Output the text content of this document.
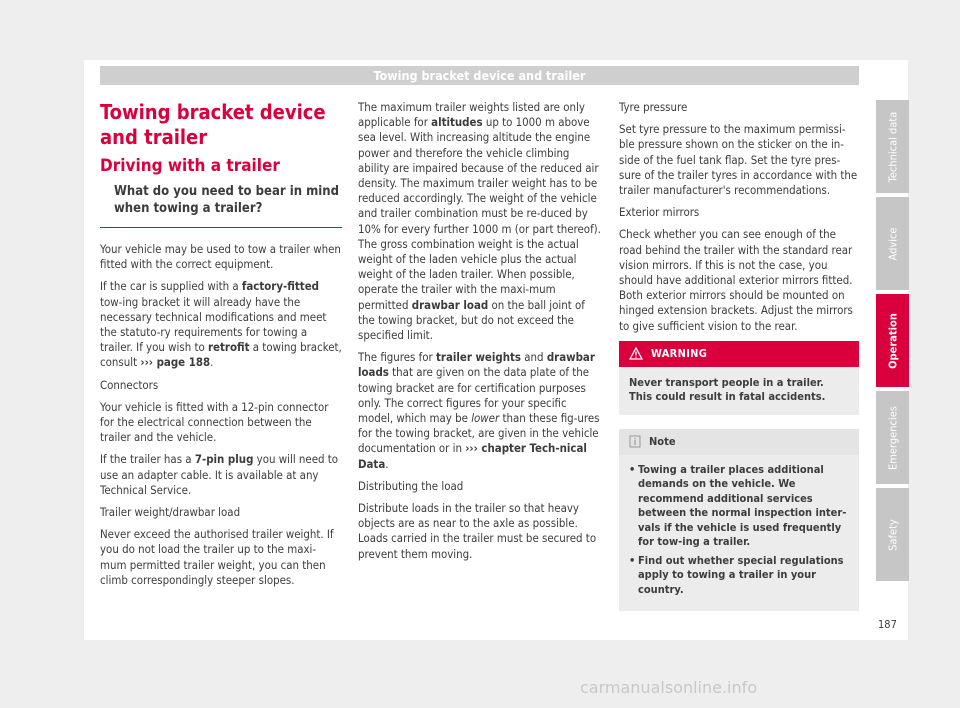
Towing bracket device and trailer
Towing bracket device and trailer
Driving with a trailer
What do you need to bear in mind when towing a trailer?

Your vehicle may be used to tow a trailer when fitted with the correct equipment.

If the car is supplied with a factory-fitted tow-ing bracket it will already have the necessary technical modifications and meet the statuto-ry requirements for towing a trailer. If you wish to retrofit a towing bracket, consult ››› page 188.

Connectors

Your vehicle is fitted with a 12-pin connector for the electrical connection between the trailer and the vehicle.

If the trailer has a 7-pin plug you will need to use an adapter cable. It is available at any Technical Service.

Trailer weight/drawbar load

Never exceed the authorised trailer weight. If you do not load the trailer up to the maxi-mum permitted trailer weight, you can then climb correspondingly steeper slopes.

The maximum trailer weights listed are only applicable for altitudes up to 1000 m above sea level. With increasing altitude the engine power and therefore the vehicle climbing ability are impaired because of the reduced air density. The maximum trailer weight has to be reduced accordingly. The weight of the vehicle and trailer combination must be re-duced by 10% for every further 1000 m (or part thereof). The gross combination weight is the actual weight of the laden vehicle plus the actual weight of the laden trailer. When possible, operate the trailer with the maxi-mum permitted drawbar load on the ball joint of the towing bracket, but do not exceed the specified limit.

The figures for trailer weights and drawbar loads that are given on the data plate of the towing bracket are for certification purposes only. The correct figures for your specific model, which may be lower than these fig-ures for the towing bracket, are given in the vehicle documentation or in ››› chapter Tech-nical Data.

Distributing the load

Distribute loads in the trailer so that heavy objects are as near to the axle as possible. Loads carried in the trailer must be secured to prevent them moving.

Tyre pressure

Set tyre pressure to the maximum permissi-ble pressure shown on the sticker on the in-side of the fuel tank flap. Set the tyre pres-sure of the trailer tyres in accordance with the trailer manufacturer's recommendations.

Exterior mirrors

Check whether you can see enough of the road behind the trailer with the standard rear vision mirrors. If this is not the case, you should have additional exterior mirrors fitted. Both exterior mirrors should be mounted on hinged extension brackets. Adjust the mirrors to give sufficient vision to the rear.

WARNING
Never transport people in a trailer. This could result in fatal accidents.
Note
• Towing a trailer places additional demands on the vehicle. We recommend additional services between the normal inspection inter-vals if the vehicle is used frequently for tow-ing a trailer.
• Find out whether special regulations apply to towing a trailer in your country.
Technical data
Advice
Operation
Emergencies
Safety
187
carmanualsonline.info
